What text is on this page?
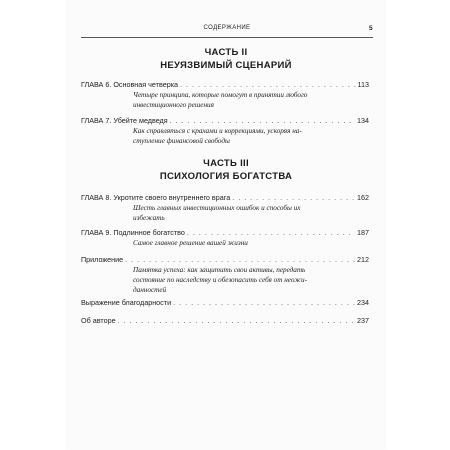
СОДЕРЖАНИЕ	5
ЧАСТЬ II
НЕУЯЗВИМЫЙ СЦЕНАРИЙ
ГЛАВА 6. Основная четверка . . .	113
Четыре принципа, которые помогут в принятии любого
инвестиционного решения
ГЛАВА 7. Убейте медведя . . .	134
Как справляться с крахами и коррекциями, ускоряя на-
ступление финансовой свободы
ЧАСТЬ III
ПСИХОЛОГИЯ БОГАТСТВА
ГЛАВА 8. Укротите своего внутреннего врага . . .	162
Шесть главных инвестиционных ошибок и способы их
избежать
ГЛАВА 9. Подлинное богатство . . .	187
Самое главное решение вашей жизни
Приложение . . .	212
Памятка успеха: как защитить свои активы, передать
состояние по наследству и обезопасить себя от неожи-
данностей
Выражение благодарности . . .	234
Об авторе . . .	237
